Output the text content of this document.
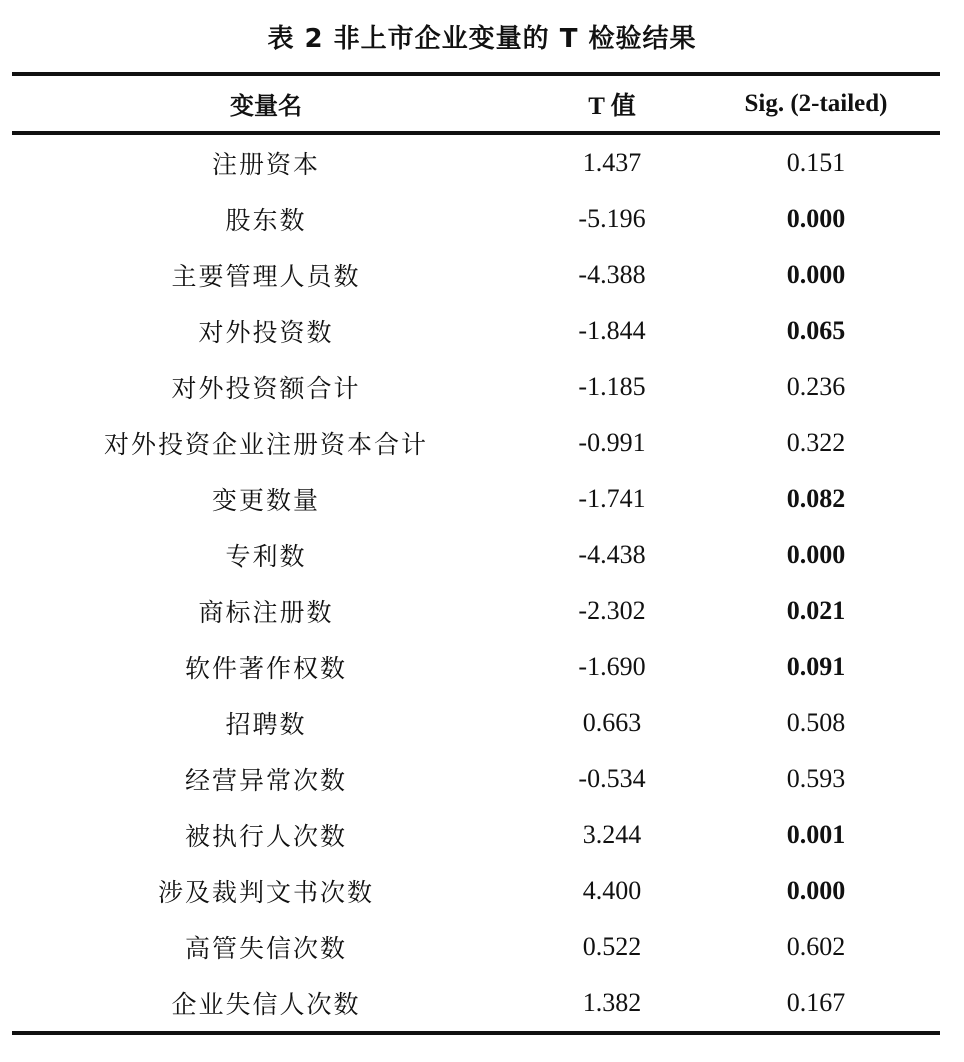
表 2 非上市企业变量的 T 检验结果
变量名	T 值	Sig. (2-tailed)
注册资本	1.437	0.151
股东数	-5.196	0.000
主要管理人员数	-4.388	0.000
对外投资数	-1.844	0.065
对外投资额合计	-1.185	0.236
对外投资企业注册资本合计	-0.991	0.322
变更数量	-1.741	0.082
专利数	-4.438	0.000
商标注册数	-2.302	0.021
软件著作权数	-1.690	0.091
招聘数	0.663	0.508
经营异常次数	-0.534	0.593
被执行人次数	3.244	0.001
涉及裁判文书次数	4.400	0.000
高管失信次数	0.522	0.602
企业失信人次数	1.382	0.167
